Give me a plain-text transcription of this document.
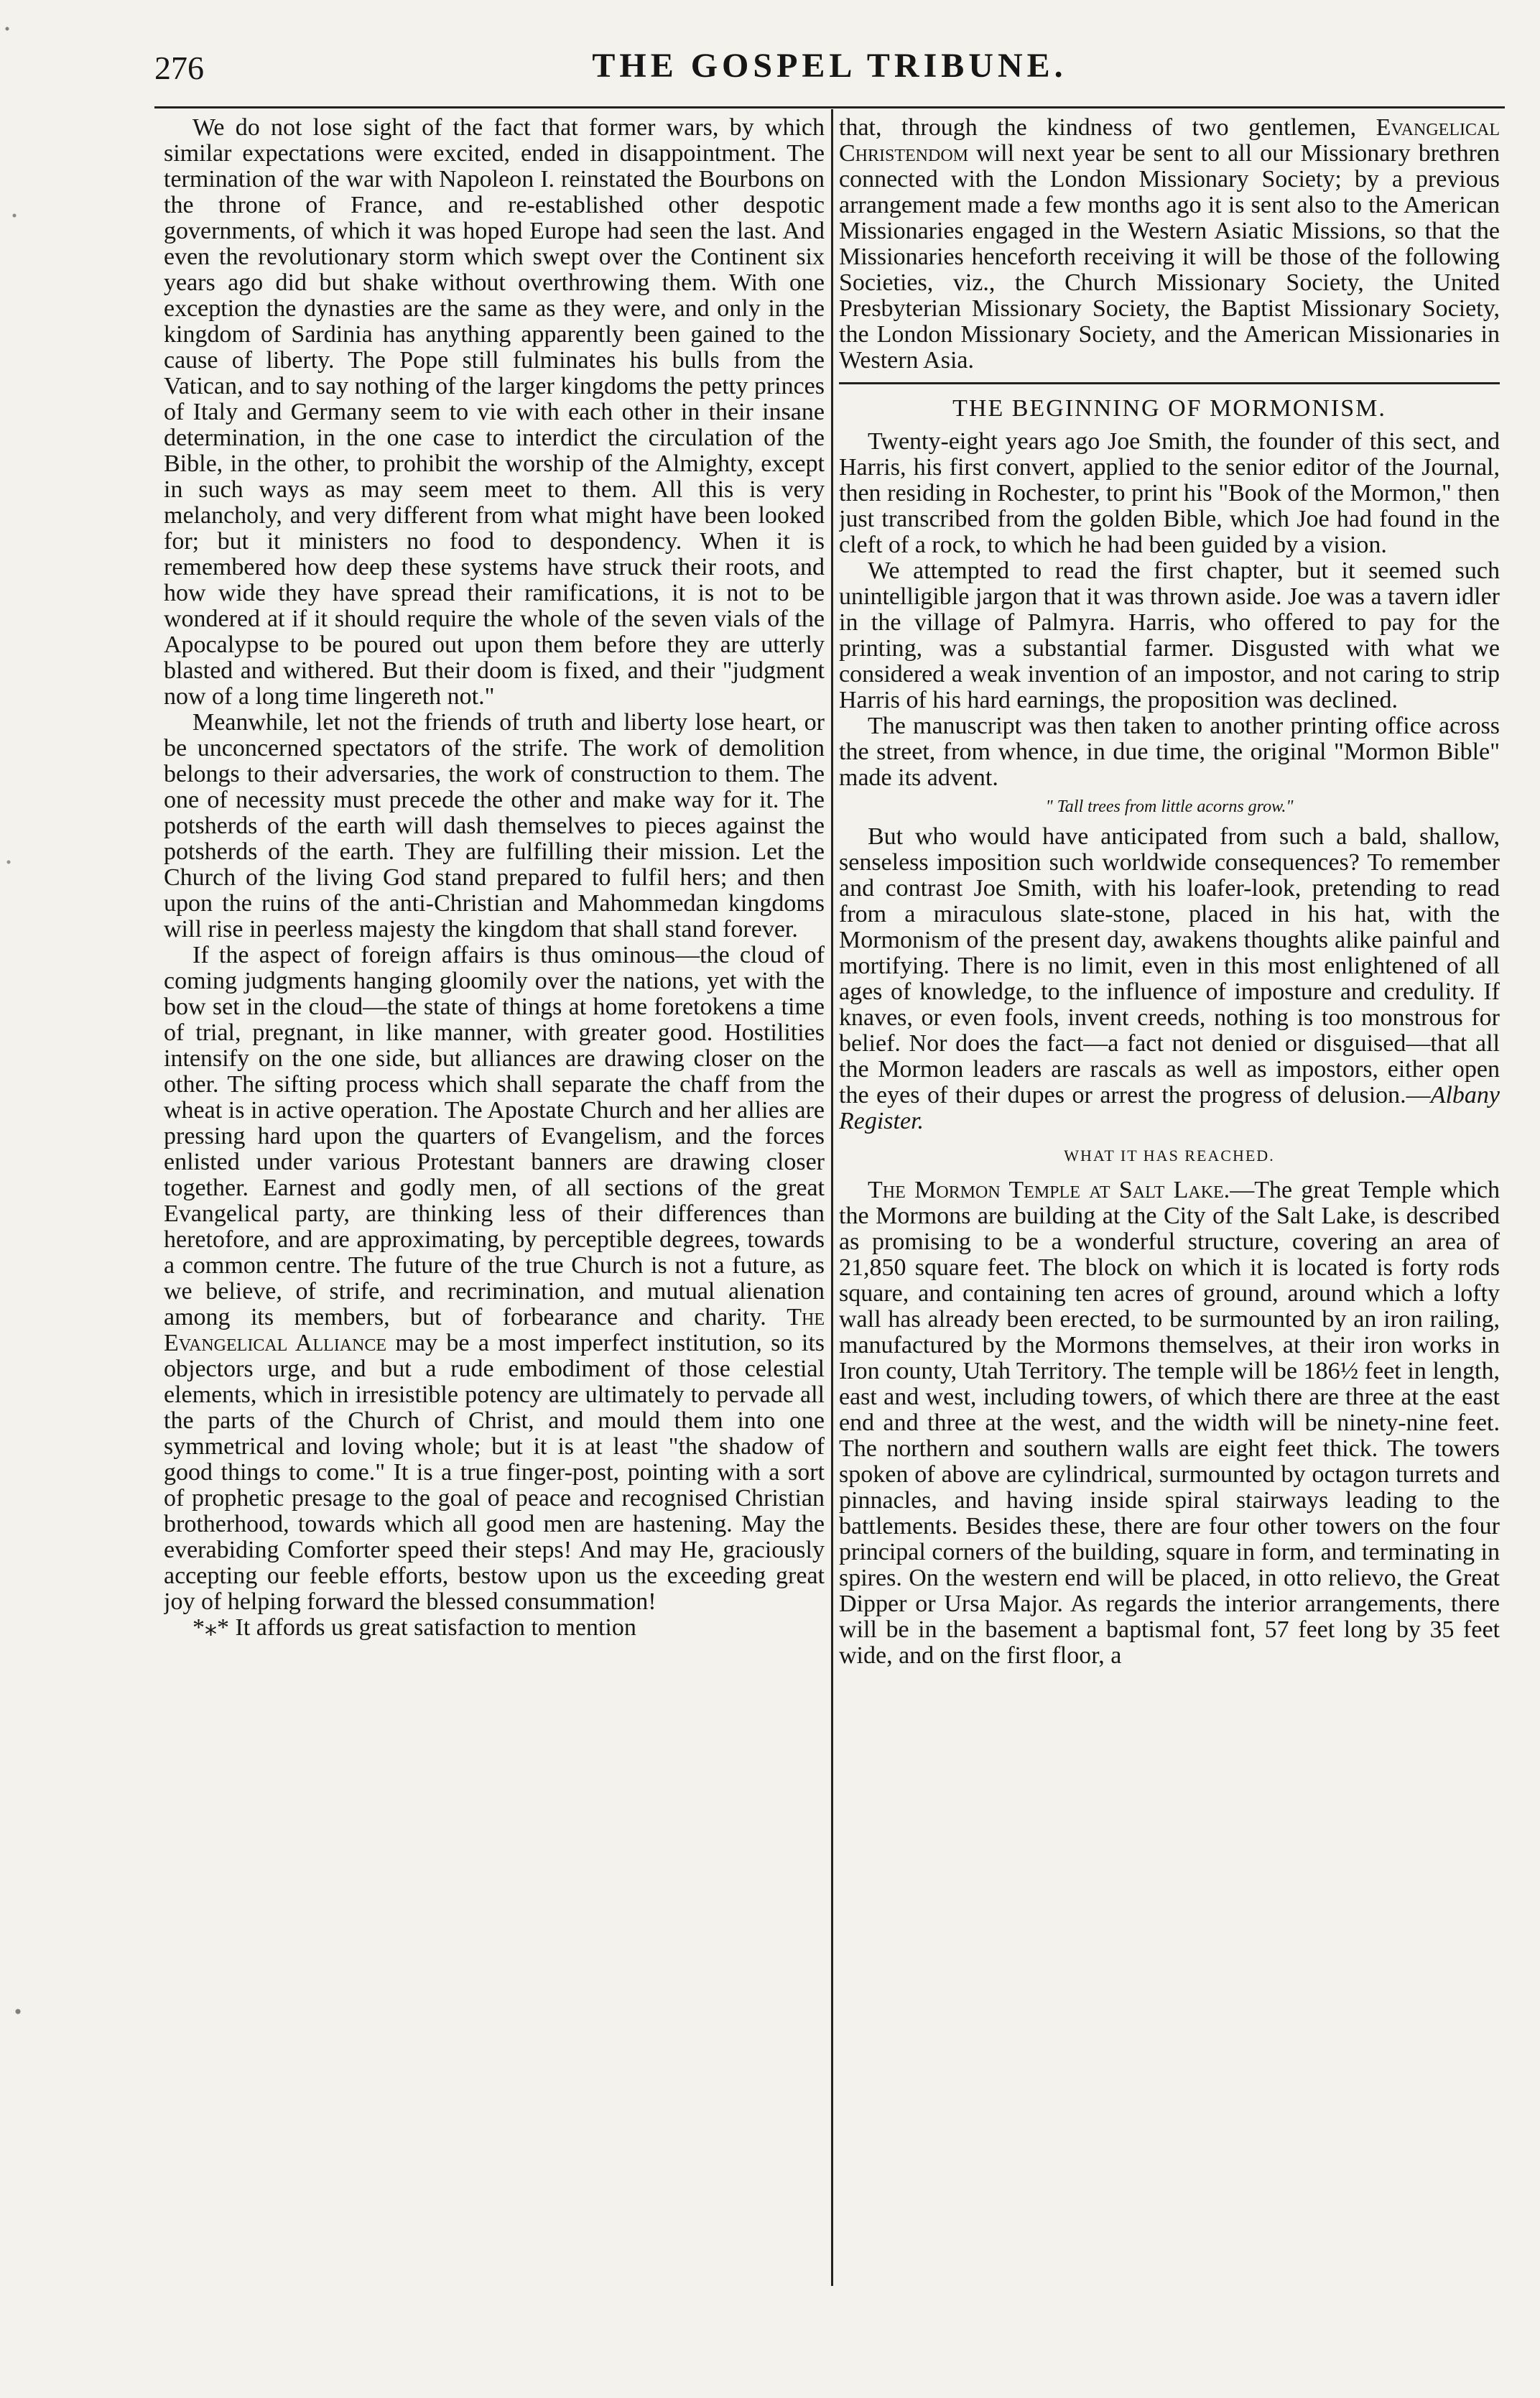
276	THE GOSPEL TRIBUNE.

We do not lose sight of the fact that former wars, by which similar expectations were excited, ended in disappointment. The termination of the war with Napoleon I. reinstated the Bourbons on the throne of France, and re-established other despotic governments, of which it was hoped Europe had seen the last. And even the revolutionary storm which swept over the Continent six years ago did but shake without overthrowing them. With one exception the dynasties are the same as they were, and only in the kingdom of Sardinia has anything apparently been gained to the cause of liberty. The Pope still fulminates his bulls from the Vatican, and to say nothing of the larger kingdoms the petty princes of Italy and Germany seem to vie with each other in their insane determination, in the one case to interdict the circulation of the Bible, in the other, to prohibit the worship of the Almighty, except in such ways as may seem meet to them. All this is very melancholy, and very different from what might have been looked for; but it ministers no food to despondency. When it is remembered how deep these systems have struck their roots, and how wide they have spread their ramifications, it is not to be wondered at if it should require the whole of the seven vials of the Apocalypse to be poured out upon them before they are utterly blasted and withered. But their doom is fixed, and their "judgment now of a long time lingereth not."

Meanwhile, let not the friends of truth and liberty lose heart, or be unconcerned spectators of the strife. The work of demolition belongs to their adversaries, the work of construction to them. The one of necessity must precede the other and make way for it. The potsherds of the earth will dash themselves to pieces against the potsherds of the earth. They are fulfilling their mission. Let the Church of the living God stand prepared to fulfil hers; and then upon the ruins of the anti-Christian and Mahommedan kingdoms will rise in peerless majesty the kingdom that shall stand forever.

If the aspect of foreign affairs is thus ominous—the cloud of coming judgments hanging gloomily over the nations, yet with the bow set in the cloud—the state of things at home foretokens a time of trial, pregnant, in like manner, with greater good. Hostilities intensify on the one side, but alliances are drawing closer on the other. The sifting process which shall separate the chaff from the wheat is in active operation. The Apostate Church and her allies are pressing hard upon the quarters of Evangelism, and the forces enlisted under various Protestant banners are drawing closer together. Earnest and godly men, of all sections of the great Evangelical party, are thinking less of their differences than heretofore, and are approximating, by perceptible degrees, towards a common centre. The future of the true Church is not a future, as we believe, of strife, and recrimination, and mutual alienation among its members, but of forbearance and charity. The Evangelical Alliance may be a most imperfect institution, so its objectors urge, and but a rude embodiment of those celestial elements, which in irresistible potency are ultimately to pervade all the parts of the Church of Christ, and mould them into one symmetrical and loving whole; but it is at least "the shadow of good things to come." It is a true finger-post, pointing with a sort of prophetic presage to the goal of peace and recognised Christian brotherhood, towards which all good men are hastening. May the everabiding Comforter speed their steps! And may He, graciously accepting our feeble efforts, bestow upon us the exceeding great joy of helping forward the blessed consummation!

*⁎* It affords us great satisfaction to mention

that, through the kindness of two gentlemen, Evangelical Christendom will next year be sent to all our Missionary brethren connected with the London Missionary Society; by a previous arrangement made a few months ago it is sent also to the American Missionaries engaged in the Western Asiatic Missions, so that the Missionaries henceforth receiving it will be those of the following Societies, viz., the Church Missionary Society, the United Presbyterian Missionary Society, the Baptist Missionary Society, the London Missionary Society, and the American Missionaries in Western Asia.

THE BEGINNING OF MORMONISM.

Twenty-eight years ago Joe Smith, the founder of this sect, and Harris, his first convert, applied to the senior editor of the Journal, then residing in Rochester, to print his "Book of the Mormon," then just transcribed from the golden Bible, which Joe had found in the cleft of a rock, to which he had been guided by a vision.

We attempted to read the first chapter, but it seemed such unintelligible jargon that it was thrown aside. Joe was a tavern idler in the village of Palmyra. Harris, who offered to pay for the printing, was a substantial farmer. Disgusted with what we considered a weak invention of an impostor, and not caring to strip Harris of his hard earnings, the proposition was declined.

The manuscript was then taken to another printing office across the street, from whence, in due time, the original "Mormon Bible" made its advent.

" Tall trees from little acorns grow."

But who would have anticipated from such a bald, shallow, senseless imposition such worldwide consequences? To remember and contrast Joe Smith, with his loafer-look, pretending to read from a miraculous slate-stone, placed in his hat, with the Mormonism of the present day, awakens thoughts alike painful and mortifying. There is no limit, even in this most enlightened of all ages of knowledge, to the influence of imposture and credulity. If knaves, or even fools, invent creeds, nothing is too monstrous for belief. Nor does the fact—a fact not denied or disguised—that all the Mormon leaders are rascals as well as impostors, either open the eyes of their dupes or arrest the progress of delusion.—Albany Register.

WHAT IT HAS REACHED.

The Mormon Temple at Salt Lake.—The great Temple which the Mormons are building at the City of the Salt Lake, is described as promising to be a wonderful structure, covering an area of 21,850 square feet. The block on which it is located is forty rods square, and containing ten acres of ground, around which a lofty wall has already been erected, to be surmounted by an iron railing, manufactured by the Mormons themselves, at their iron works in Iron county, Utah Territory. The temple will be 186½ feet in length, east and west, including towers, of which there are three at the east end and three at the west, and the width will be ninety-nine feet. The northern and southern walls are eight feet thick. The towers spoken of above are cylindrical, surmounted by octagon turrets and pinnacles, and having inside spiral stairways leading to the battlements. Besides these, there are four other towers on the four principal corners of the building, square in form, and terminating in spires. On the western end will be placed, in otto relievo, the Great Dipper or Ursa Major. As regards the interior arrangements, there will be in the basement a baptismal font, 57 feet long by 35 feet wide, and on the first floor, a
